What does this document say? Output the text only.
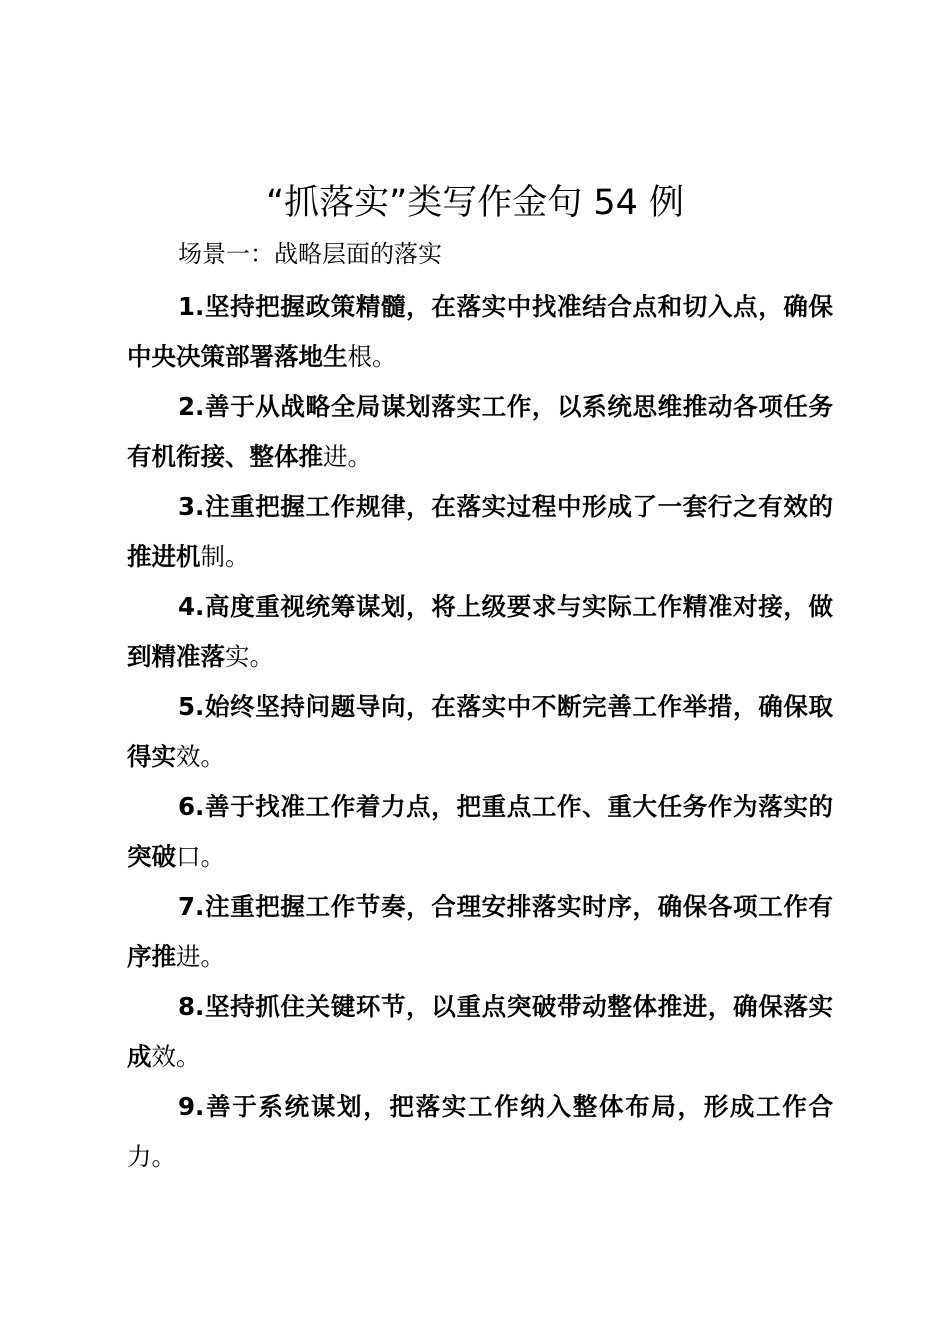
“抓落实”类写作金句 54 例

场景一：战略层面的落实

1.坚持把握政策精髓，在落实中找准结合点和切入点，确保中央决策部署落地生根。
2.善于从战略全局谋划落实工作，以系统思维推动各项任务有机衔接、整体推进。
3.注重把握工作规律，在落实过程中形成了一套行之有效的推进机制。
4.高度重视统筹谋划，将上级要求与实际工作精准对接，做到精准落实。
5.始终坚持问题导向，在落实中不断完善工作举措，确保取得实效。
6.善于找准工作着力点，把重点工作、重大任务作为落实的突破口。
7.注重把握工作节奏，合理安排落实时序，确保各项工作有序推进。
8.坚持抓住关键环节，以重点突破带动整体推进，确保落实成效。
9.善于系统谋划，把落实工作纳入整体布局，形成工作合力。
